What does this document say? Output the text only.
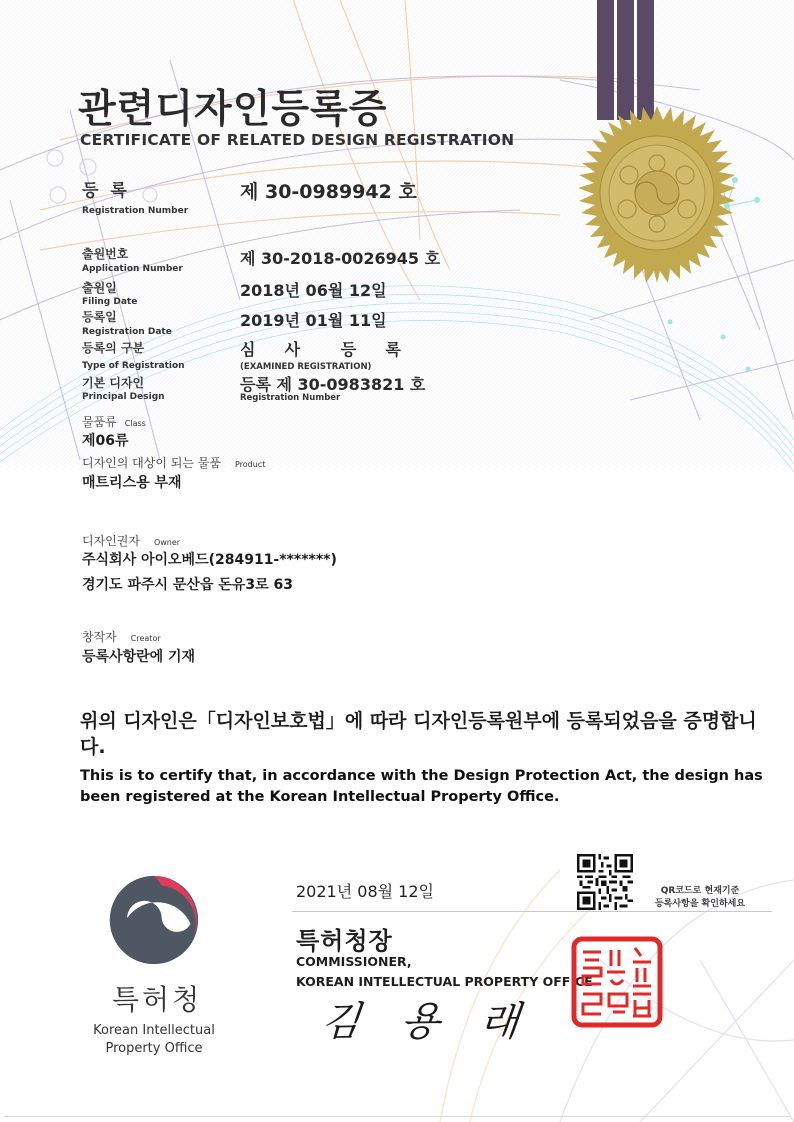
관련디자인등록증
CERTIFICATE OF RELATED DESIGN REGISTRATION
등 록
Registration Number
제 30-0989942 호
출원번호
Application Number
제 30-2018-0026945 호
출원일
Filing Date
2018년 06월 12일
등록일
Registration Date
2019년 01월 11일
등록의 구분
Type of Registration
심  사   등  록
(EXAMINED REGISTRATION)
기본 디자인
Principal Design
등록 제 30-0983821 호
Registration Number
물품류 Class
제06류
디자인의 대상이 되는 물품 Product
매트리스용 부재
디자인권자 Owner
주식회사 아이오베드(284911-*******)
경기도 파주시 문산읍 돈유3로 63
창작자 Creator
등록사항란에 기재
위의 디자인은「디자인보호법」에 따라 디자인등록원부에 등록되었음을 증명합니다.
This is to certify that, in accordance with the Design Protection Act, the design has been registered at the Korean Intellectual Property Office.
특허청
Korean Intellectual Property Office
2021년 08월 12일	QR코드로 현재기준
등록사항을 확인하세요
특허청장
COMMISSIONER,
KOREAN INTELLECTUAL PROPERTY OFFICE
김 용 래
